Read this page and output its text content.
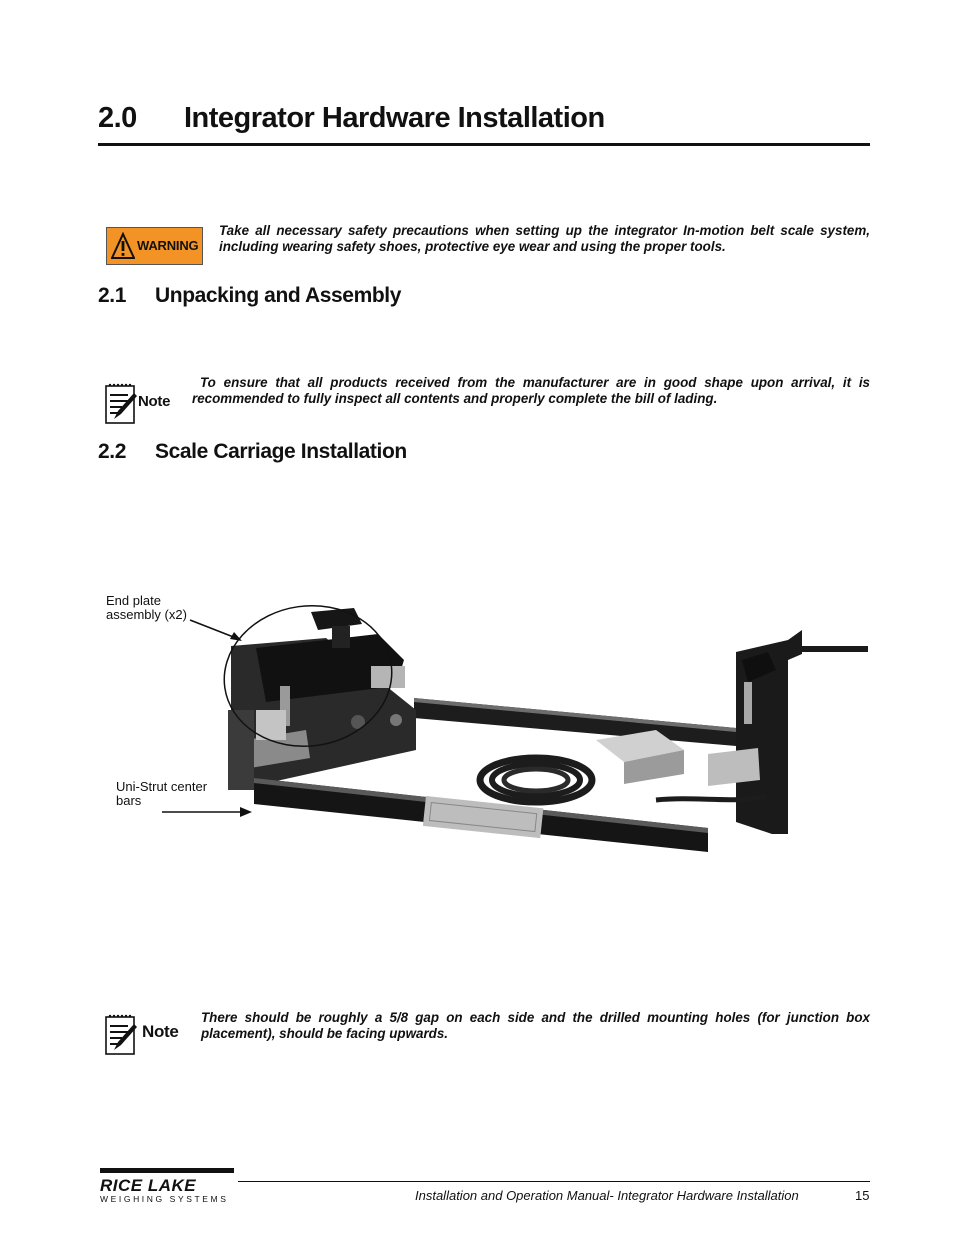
2.0 Integrator Hardware Installation
WARNING
Take all necessary safety precautions when setting up the integrator In-motion belt scale system, including wearing safety shoes, protective eye wear and using the proper tools.
2.1 Unpacking and Assembly
Note
To ensure that all products received from the manufacturer are in good shape upon arrival, it is recommended to fully inspect all contents and properly complete the bill of lading.
2.2 Scale Carriage Installation
End plate assembly (x2)
Uni-Strut center bars
Note
There should be roughly a 5/8 gap on each side and the drilled mounting holes (for junction box placement), should be facing upwards.
RICE LAKE
WEIGHING SYSTEMS	Installation and Operation Manual- Integrator Hardware Installation	15
